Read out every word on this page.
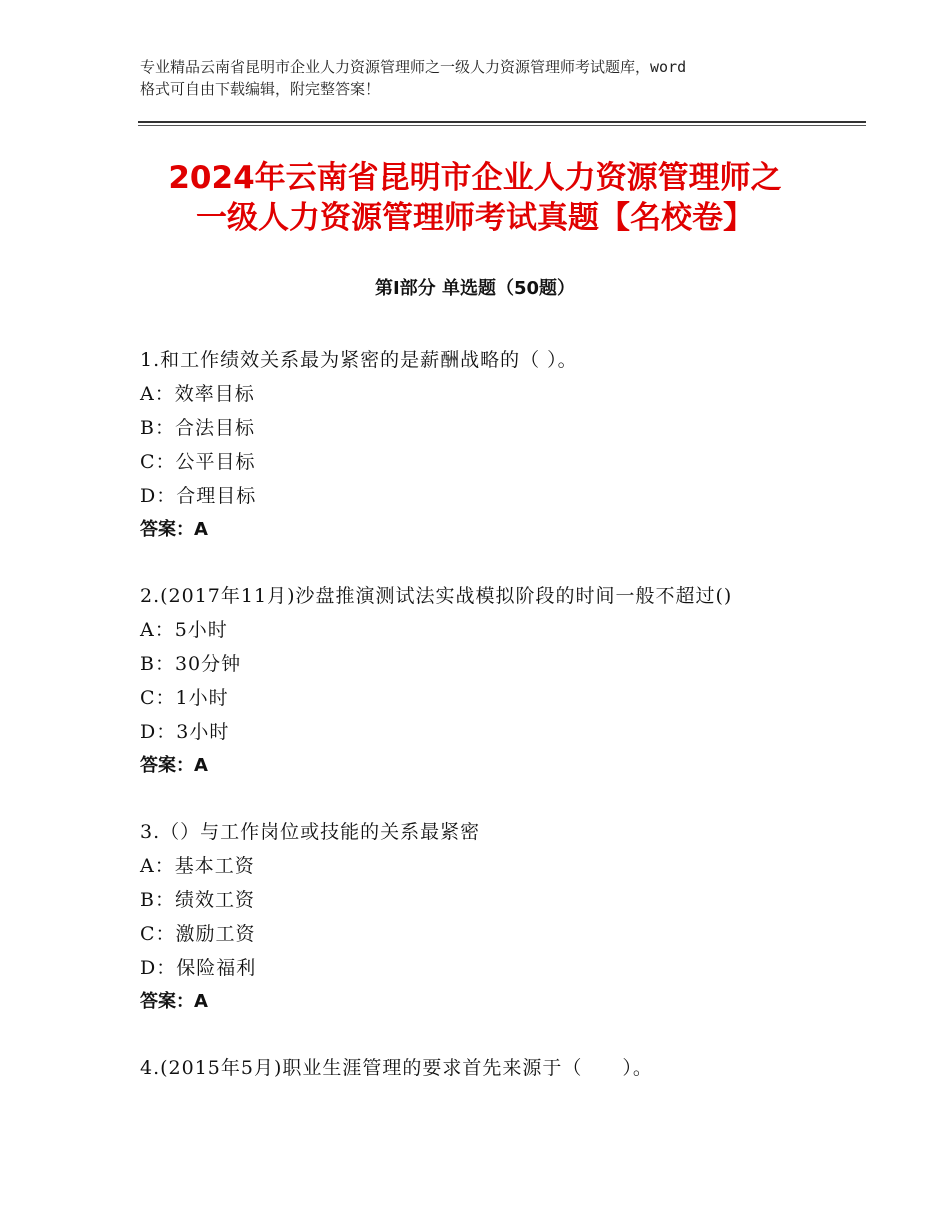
专业精品云南省昆明市企业人力资源管理师之一级人力资源管理师考试题库，word
格式可自由下载编辑，附完整答案！
2024年云南省昆明市企业人力资源管理师之
一级人力资源管理师考试真题【名校卷】
第Ⅰ部分 单选题（50题）
1.和工作绩效关系最为紧密的是薪酬战略的（ ）。
A：效率目标
B：合法目标
C：公平目标
D：合理目标
答案：A
2.(2017年11月)沙盘推演测试法实战模拟阶段的时间一般不超过()
A：5小时
B：30分钟
C：1小时
D：3小时
答案：A
3.（）与工作岗位或技能的关系最紧密
A：基本工资
B：绩效工资
C：激励工资
D：保险福利
答案：A
4.(2015年5月)职业生涯管理的要求首先来源于（　　）。
